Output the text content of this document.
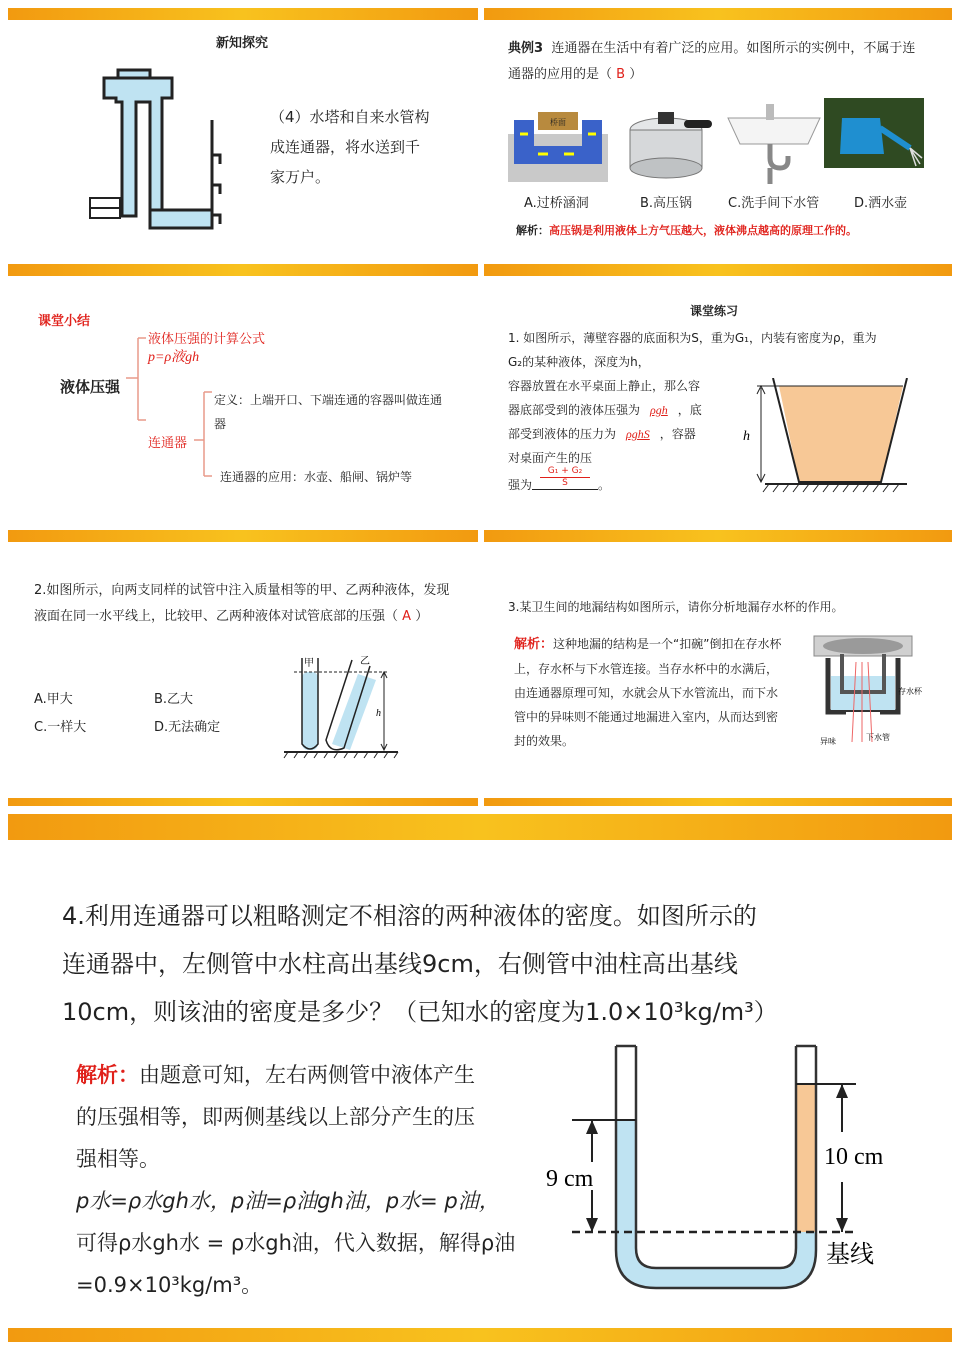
新知探究
（4）水塔和自来水管构成连通器，将水送到千家万户。
典例3 连通器在生活中有着广泛的应用。如图所示的实例中，不属于连通器的应用的是（ B ）
桥面
A.过桥涵洞	B.高压锅	C.洗手间下水管	D.洒水壶
解析：高压锅是利用液体上方气压越大，液体沸点越高的原理工作的。
课堂小结
液体压强
液体压强的计算公式
p=ρ液gh
连通器
定义：上端开口、下端连通的容器叫做连通器
连通器的应用：水壶、船闸、锅炉等
课堂练习
1. 如图所示，薄壁容器的底面积为S，重为G₁，内装有密度为ρ，重为
G₂的某种液体，深度为h，
容器放置在水平桌面上静止，那么容
器底部受到的液体压强为 ρgh ，底
部受到液体的压力为 ρghS ，容器
对桌面产生的压
强为 $\frac{\text{G₁ + G₂}}{S}$ 。
h
2.如图所示，向两支同样的试管中注入质量相等的甲、乙两种液体，发现液面在同一水平线上，比较甲、乙两种液体对试管底部的压强（ A ）
A.甲大	B.乙大
C.一样大	D.无法确定
甲	乙
h
3.某卫生间的地漏结构如图所示，请你分析地漏存水杯的作用。
解析：这种地漏的结构是一个“扣碗”倒扣在存水杯上，存水杯与下水管连接。当存水杯中的水满后，由连通器原理可知，水就会从下水管流出，而下水管中的异味则不能通过地漏进入室内，从而达到密封的效果。
存水杯
异味	下水管
4.利用连通器可以粗略测定不相溶的两种液体的密度。如图所示的
连通器中，左侧管中水柱高出基线9cm，右侧管中油柱高出基线
10cm，则该油的密度是多少？（已知水的密度为1.0×10³kg/m³）
解析：由题意可知，左右两侧管中液体产生
的压强相等，即两侧基线以上部分产生的压
强相等。
p水=ρ水gh水，p油=ρ油gh油，p水= p油，
可得ρ水gh水 = ρ水gh油，代入数据，解得ρ油
=0.9×10³kg/m³。
9 cm
10 cm
基线
